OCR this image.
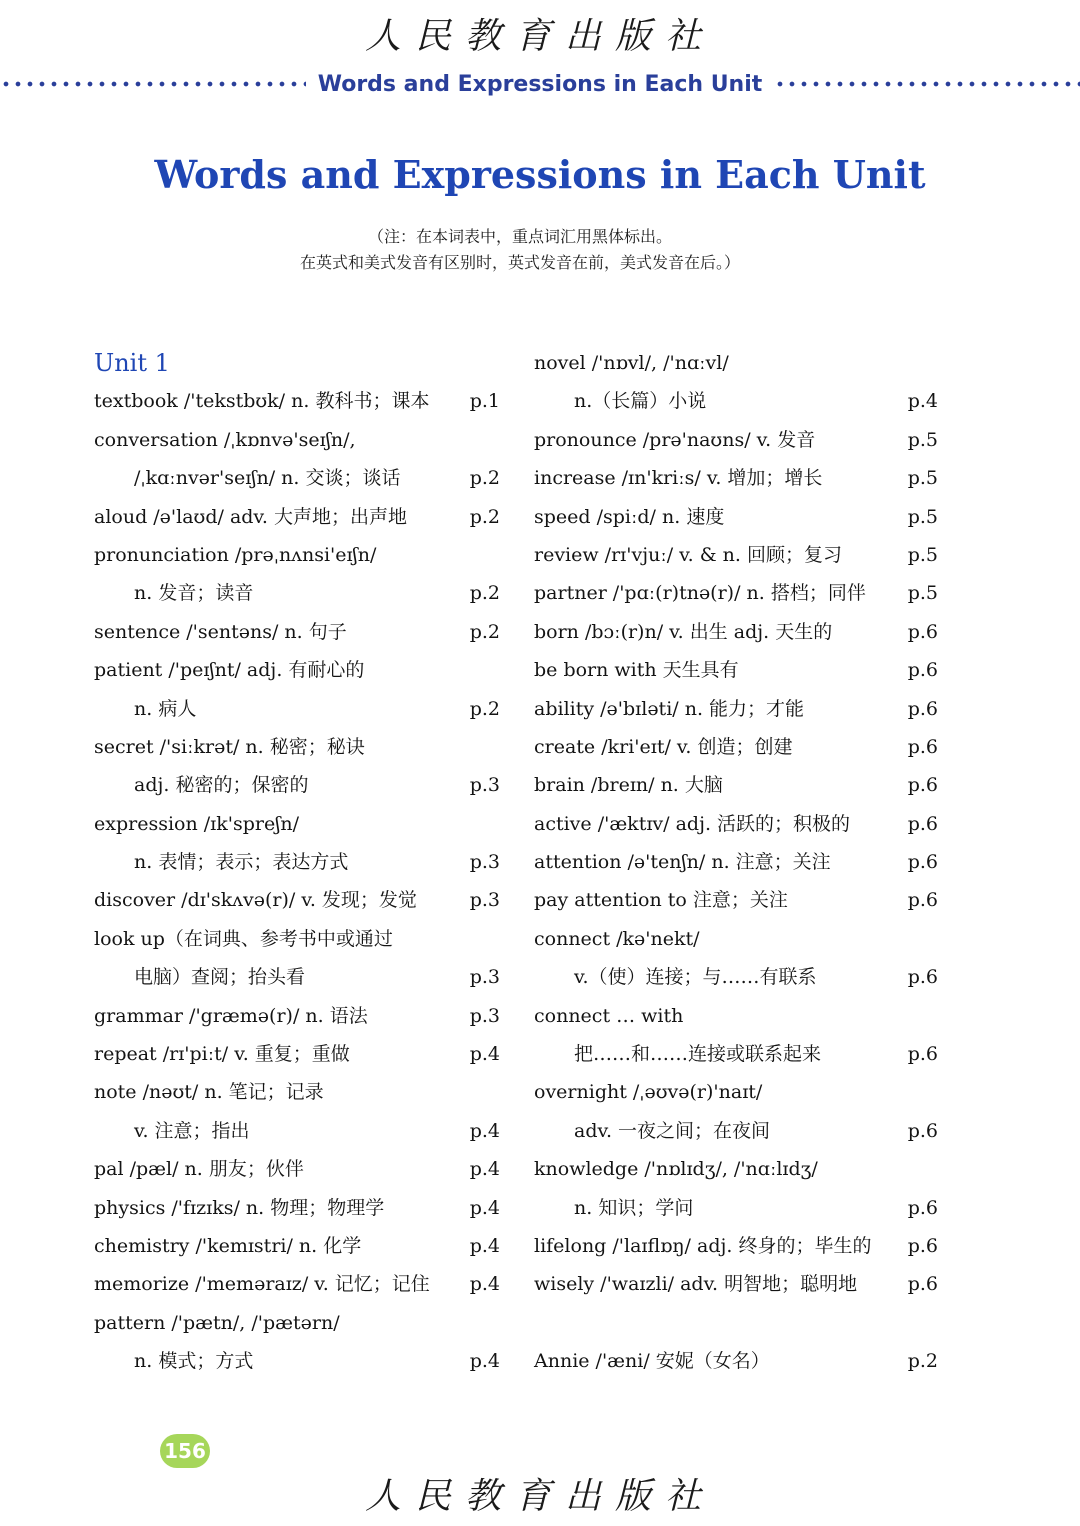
人民教育出版社
Words and Expressions in Each Unit
Words and Expressions in Each Unit
（注：在本词表中，重点词汇用黑体标出。
在英式和美式发音有区别时，英式发音在前，美式发音在后。）
Unit 1
textbook /'tekstbʊk/ n. 教科书；课本 p.1
conversation /ˌkɒnvə'seɪʃn/,
/ˌkɑːnvər'seɪʃn/ n. 交谈；谈话	p.2
aloud /ə'laʊd/ adv. 大声地；出声地	p.2
pronunciation /prəˌnʌnsi'eɪʃn/
n. 发音；读音	p.2
sentence /'sentəns/ n. 句子	p.2
patient /'peɪʃnt/ adj. 有耐心的
n. 病人	p.2
secret /'siːkrət/ n. 秘密；秘诀
adj. 秘密的；保密的	p.3
expression /ɪk'spreʃn/
n. 表情；表示；表达方式	p.3
discover /dɪ'skʌvə(r)/ v. 发现；发觉	p.3
look up（在词典、参考书中或通过
电脑）查阅；抬头看	p.3
grammar /'græmə(r)/ n. 语法	p.3
repeat /rɪ'piːt/ v. 重复；重做	p.4
note /nəʊt/ n. 笔记；记录
v. 注意；指出	p.4
pal /pæl/ n. 朋友；伙伴	p.4
physics /'fɪzɪks/ n. 物理；物理学	p.4
chemistry /'kemɪstri/ n. 化学	p.4
memorize /'meməraɪz/ v. 记忆；记住 p.4
pattern /'pætn/, /'pætərn/
n. 模式；方式	p.4
novel /'nɒvl/, /'nɑːvl/
n.（长篇）小说	p.4
pronounce /prə'naʊns/ v. 发音	p.5
increase /ɪn'kriːs/ v. 增加；增长	p.5
speed /spiːd/ n. 速度	p.5
review /rɪ'vjuː/ v. & n. 回顾；复习	p.5
partner /'pɑː(r)tnə(r)/ n. 搭档；同伴 p.5
born /bɔː(r)n/ v. 出生 adj. 天生的	p.6
be born with 天生具有	p.6
ability /ə'bɪləti/ n. 能力；才能	p.6
create /kri'eɪt/ v. 创造；创建	p.6
brain /breɪn/ n. 大脑	p.6
active /'æktɪv/ adj. 活跃的；积极的	p.6
attention /ə'tenʃn/ n. 注意；关注	p.6
pay attention to 注意；关注	p.6
connect /kə'nekt/
v.（使）连接；与……有联系	p.6
connect … with
把……和……连接或联系起来	p.6
overnight /ˌəʊvə(r)'naɪt/
adv. 一夜之间；在夜间	p.6
knowledge /'nɒlɪdʒ/, /'nɑːlɪdʒ/
n. 知识；学问	p.6
lifelong /'laɪflɒŋ/ adj. 终身的；毕生的 p.6
wisely /'waɪzli/ adv. 明智地；聪明地	p.6
Annie /'æni/ 安妮（女名）	p.2
156
人民教育出版社
